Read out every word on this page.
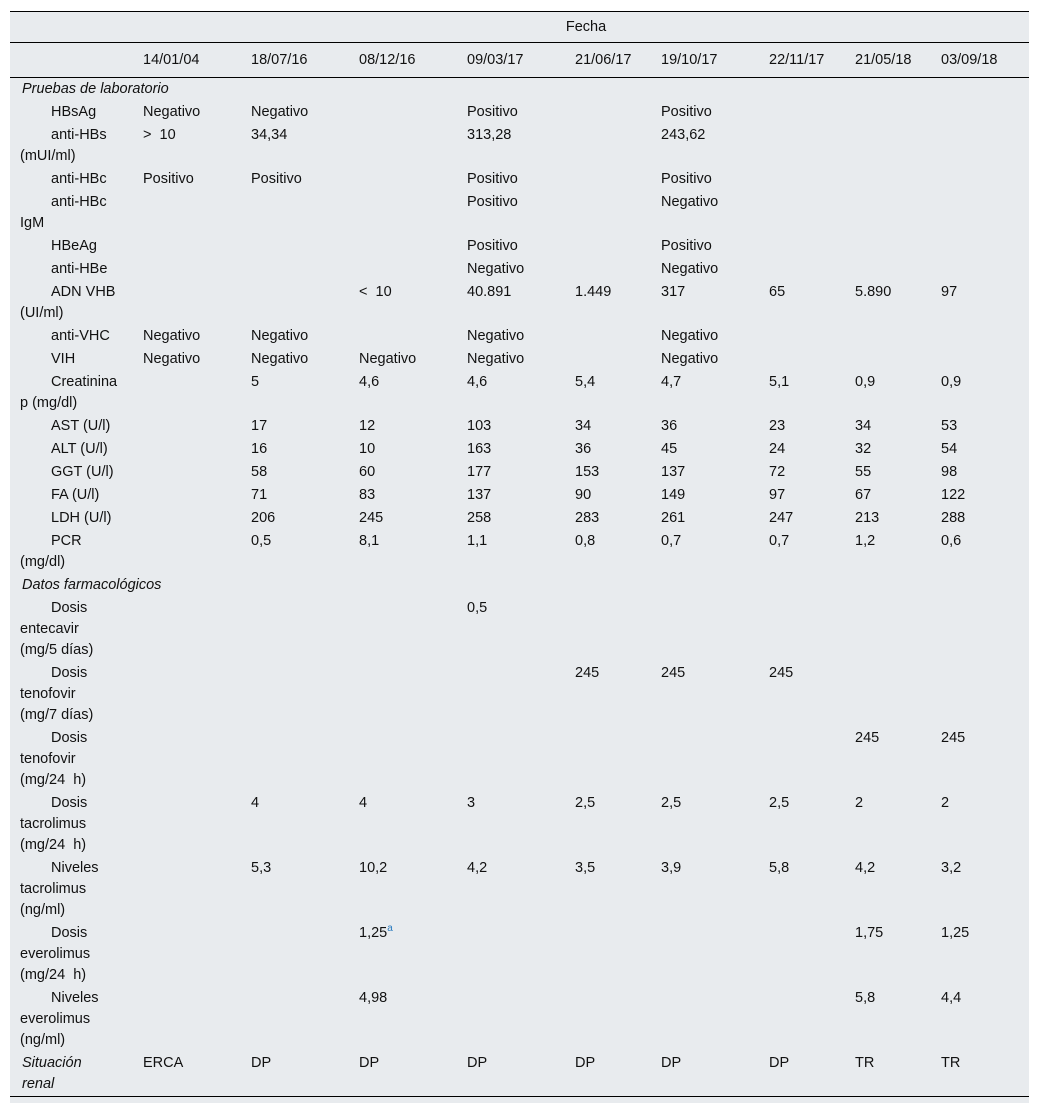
	Fecha								
	14/01/04	18/07/16	08/12/16	09/03/17	21/06/17	19/10/17	22/11/17	21/05/18	03/09/18
Pruebas de laboratorio									

HBsAg	Negativo	Negativo		Positivo		Positivo			

anti-HBs
(mUI/ml)	> 10	34,34		313,28		243,62			

anti-HBc	Positivo	Positivo		Positivo		Positivo			

anti-HBc
IgM				Positivo		Negativo			

HBeAg				Positivo		Positivo			

anti-HBe				Negativo		Negativo			

ADN VHB
(UI/ml)			< 10	40.891	1.449	317	65	5.890	97

anti-VHC	Negativo	Negativo		Negativo		Negativo			

VIH	Negativo	Negativo	Negativo	Negativo		Negativo			

Creatinina
p (mg/dl)		5	4,6	4,6	5,4	4,7	5,1	0,9	0,9

AST (U/l)		17	12	103	34	36	23	34	53

ALT (U/l)		16	10	163	36	45	24	32	54

GGT (U/l)		58	60	177	153	137	72	55	98

FA (U/l)		71	83	137	90	149	97	67	122

LDH (U/l)		206	245	258	283	261	247	213	288

PCR
(mg/dl)		0,5	8,1	1,1	0,8	0,7	0,7	1,2	0,6
Datos farmacológicos									

Dosis
entecavir
(mg/5 días)				0,5					

Dosis
tenofovir
(mg/7 días)					245	245	245		

Dosis
tenofovir
(mg/24 h)								245	245

Dosis
tacrolimus
(mg/24 h)		4	4	3	2,5	2,5	2,5	2	2

Niveles
tacrolimus
(ng/ml)		5,3	10,2	4,2	3,5	3,9	5,8	4,2	3,2

Dosis
everolimus
(mg/24 h)			1,25$^a$					1,75	1,25

Niveles
everolimus
(ng/ml)			4,98					5,8	4,4
Situación renal	ERCA	DP	DP	DP	DP	DP	DP	TR	TR
